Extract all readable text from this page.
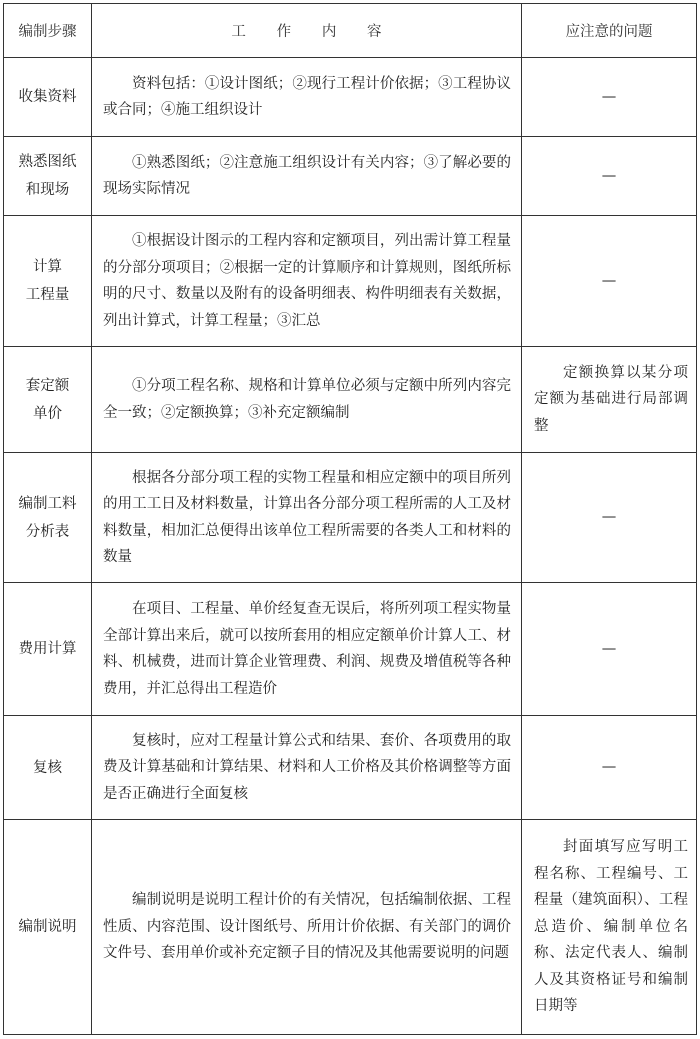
编制步骤	工 作 内 容	应注意的问题

收集资料	资料包括：①设计图纸；②现行工程计价依据；③工程协议或合同；④施工组织设计	—

熟悉图纸
和现场	①熟悉图纸；②注意施工组织设计有关内容；③了解必要的现场实际情况	—

计算
工程量	①根据设计图示的工程内容和定额项目，列出需计算工程量的分部分项项目；②根据一定的计算顺序和计算规则，图纸所标明的尺寸、数量以及附有的设备明细表、构件明细表有关数据，列出计算式，计算工程量；③汇总	—

套定额
单价	①分项工程名称、规格和计算单位必须与定额中所列内容完全一致；②定额换算；③补充定额编制	定额换算以某分项定额为基础进行局部调整

编制工料
分析表	根据各分部分项工程的实物工程量和相应定额中的项目所列的用工工日及材料数量，计算出各分部分项工程所需的人工及材料数量，相加汇总便得出该单位工程所需要的各类人工和材料的数量	—

费用计算	在项目、工程量、单价经复查无误后，将所列项工程实物量全部计算出来后，就可以按所套用的相应定额单价计算人工、材料、机械费，进而计算企业管理费、利润、规费及增值税等各种费用，并汇总得出工程造价	—

复核	复核时，应对工程量计算公式和结果、套价、各项费用的取费及计算基础和计算结果、材料和人工价格及其价格调整等方面是否正确进行全面复核	—

编制说明	编制说明是说明工程计价的有关情况，包括编制依据、工程性质、内容范围、设计图纸号、所用计价依据、有关部门的调价文件号、套用单价或补充定额子目的情况及其他需要说明的问题	封面填写应写明工程名称、工程编号、工程量（建筑面积）、工程总造价、编制单位名称、法定代表人、编制人及其资格证号和编制日期等
